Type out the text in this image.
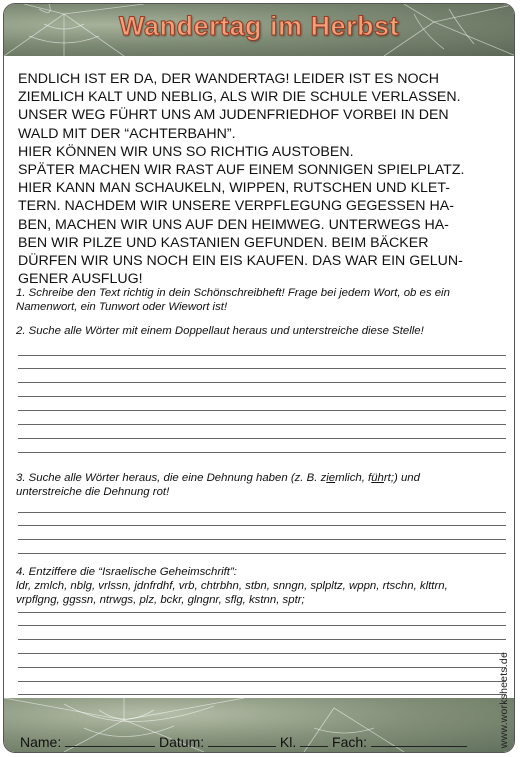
Wandertag im Herbst
ENDLICH IST ER DA, DER WANDERTAG! LEIDER IST ES NOCH
ZIEMLICH KALT UND NEBLIG, ALS WIR DIE SCHULE VERLASSEN.
UNSER WEG FÜHRT UNS AM JUDENFRIEDHOF VORBEI IN DEN
WALD MIT DER “ACHTERBAHN”.
HIER KÖNNEN WIR UNS SO RICHTIG AUSTOBEN.
SPÄTER MACHEN WIR RAST AUF EINEM SONNIGEN SPIELPLATZ.
HIER KANN MAN SCHAUKELN, WIPPEN, RUTSCHEN UND KLET-
TERN. NACHDEM WIR UNSERE VERPFLEGUNG GEGESSEN HA-
BEN, MACHEN WIR UNS AUF DEN HEIMWEG. UNTERWEGS HA-
BEN WIR PILZE UND KASTANIEN GEFUNDEN. BEIM BÄCKER
DÜRFEN WIR UNS NOCH EIN EIS KAUFEN. DAS WAR EIN GELUN-
GENER AUSFLUG!
1. Schreibe den Text richtig in dein Schönschreibheft! Frage bei jedem Wort, ob es ein
Namenwort, ein Tunwort oder Wiewort ist!
2. Suche alle Wörter mit einem Doppellaut heraus und unterstreiche diese Stelle!
3. Suche alle Wörter heraus, die eine Dehnung haben (z. B. ziemlich, führt;) und
unterstreiche die Dehnung rot!
4. Entziffere die “Israelische Geheimschrift”:
ldr, zmlch, nblg, vrlssn, jdnfrdhf, vrb, chtrbhn, stbn, snngn, splpltz, wppn, rtschn, klttrn,
vrpflgng, ggssn, ntrwgs, plz, bckr, glngnr, sflg, kstnn, sptr;
Name:	Datum:	Kl.	Fach:	www.worksheets.de
